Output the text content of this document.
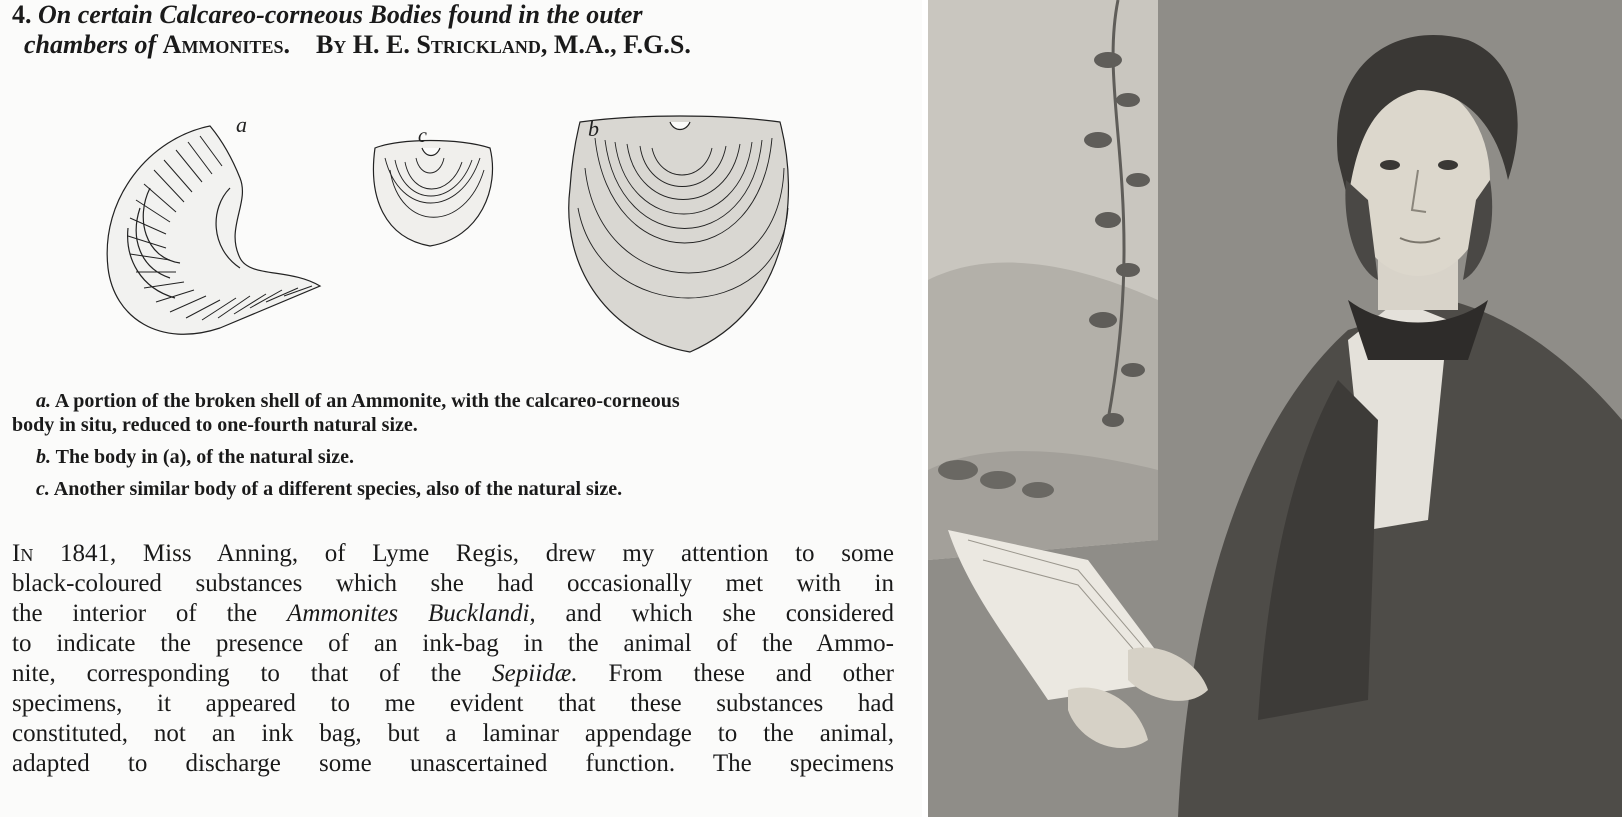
4. On certain Calcareo-corneous Bodies found in the outer
chambers of Ammonites. By H. E. Strickland, M.A., F.G.S.
a	c	b
a. A portion of the broken shell of an Ammonite, with the calcareo-corneous
body in situ, reduced to one-fourth natural size.
b. The body in (a), of the natural size.
c. Another similar body of a different species, also of the natural size.
In 1841, Miss Anning, of Lyme Regis, drew my attention to some
black-coloured substances which she had occasionally met with in
the interior of the Ammonites Bucklandi, and which she considered
to indicate the presence of an ink-bag in the animal of the Ammo-
nite, corresponding to that of the Sepiidæ. From these and other
specimens, it appeared to me evident that these substances had
constituted, not an ink bag, but a laminar appendage to the animal,
adapted to discharge some unascertained function. The specimens
